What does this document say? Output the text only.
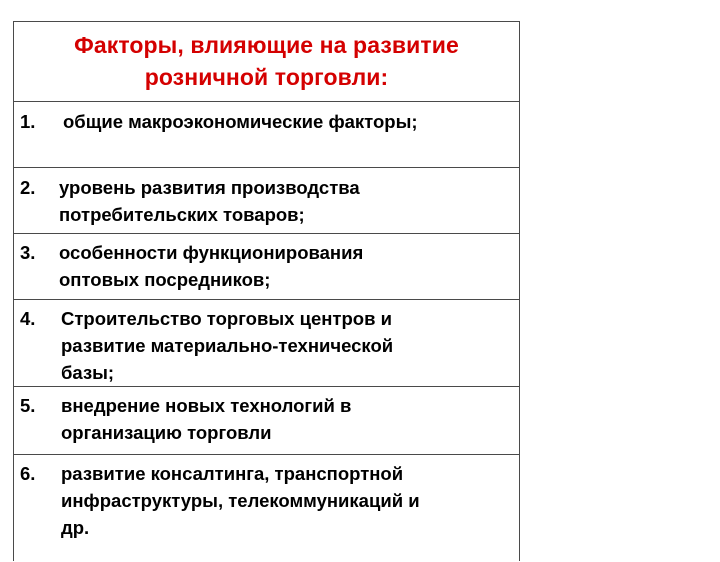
Факторы, влияющие на развитие розничной торговли:
1. общие макроэкономические факторы;
2. уровень развития производства
потребительских товаров;
3. особенности функционирования
оптовых посредников;
4. Строительство торговых центров и
развитие материально-технической
базы;
5. внедрение новых технологий в
организацию торговли
6. развитие консалтинга, транспортной
инфраструктуры, телекоммуникаций и
др.
